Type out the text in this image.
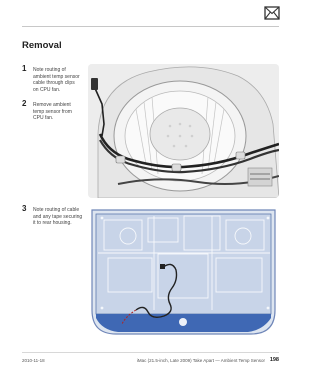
Removal
1 Note routing of
ambient temp sensor
cable through clips
on CPU fan.
2 Remove ambient
temp sensor from
CPU fan.
3 Note routing of cable
and any tape securing
it to rear housing.
2010-11-18	iMac (21.5-inch, Late 2009) Take Apart — Ambient Temp Sensor 198
